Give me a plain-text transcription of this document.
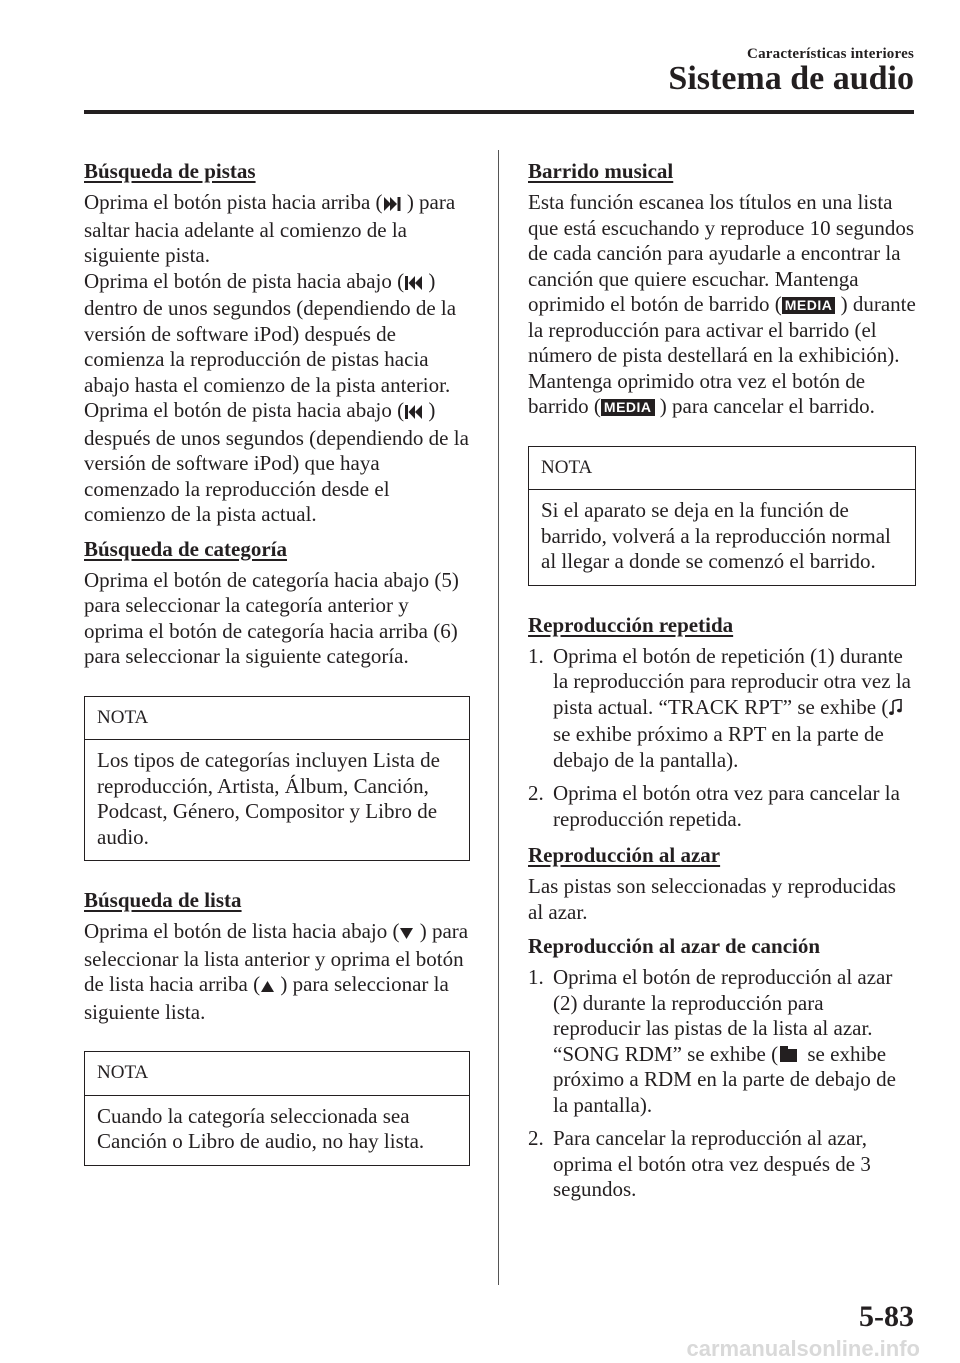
Características interiores
Sistema de audio
Búsqueda de pistas

Oprima el botón pista hacia arriba ( ) para saltar hacia adelante al comienzo de la siguiente pista.
Oprima el botón de pista hacia abajo ( ) dentro de unos segundos (dependiendo de la versión de software iPod) después de comienza la reproducción de pistas hacia abajo hasta el comienzo de la pista anterior.
Oprima el botón de pista hacia abajo ( ) después de unos segundos (dependiendo de la versión de software iPod) que haya comenzado la reproducción desde el comienzo de la pista actual.

Búsqueda de categoría

Oprima el botón de categoría hacia abajo (5) para seleccionar la categoría anterior y oprima el botón de categoría hacia arriba (6) para seleccionar la siguiente categoría.

NOTA
Los tipos de categorías incluyen Lista de reproducción, Artista, Álbum, Canción, Podcast, Género, Compositor y Libro de audio.
Búsqueda de lista

Oprima el botón de lista hacia abajo ( ) para seleccionar la lista anterior y oprima el botón de lista hacia arriba ( ) para seleccionar la siguiente lista.

NOTA
Cuando la categoría seleccionada sea Canción o Libro de audio, no hay lista.
Barrido musical

Esta función escanea los títulos en una lista que está escuchando y reproduce 10 segundos de cada canción para ayudarle a encontrar la canción que quiere escuchar. Mantenga oprimido el botón de barrido ( MEDIA ) durante la reproducción para activar el barrido (el número de pista destellará en la exhibición). Mantenga oprimido otra vez el botón de barrido ( MEDIA ) para cancelar el barrido.

NOTA
Si el aparato se deja en la función de barrido, volverá a la reproducción normal al llegar a donde se comenzó el barrido.
Reproducción repetida
1. Oprima el botón de repetición (1) durante la reproducción para reproducir otra vez la pista actual. “TRACK RPT” se exhibe ( se exhibe próximo a RPT en la parte de debajo de la pantalla).
2. Oprima el botón otra vez para cancelar la reproducción repetida.
Reproducción al azar

Las pistas son seleccionadas y reproducidas al azar.

Reproducción al azar de canción
1. Oprima el botón de reproducción al azar (2) durante la reproducción para reproducir las pistas de la lista al azar. “SONG RDM” se exhibe ( se exhibe próximo a RDM en la parte de debajo de la pantalla).
2. Para cancelar la reproducción al azar, oprima el botón otra vez después de 3 segundos.
5-83
carmanualsonline.info
